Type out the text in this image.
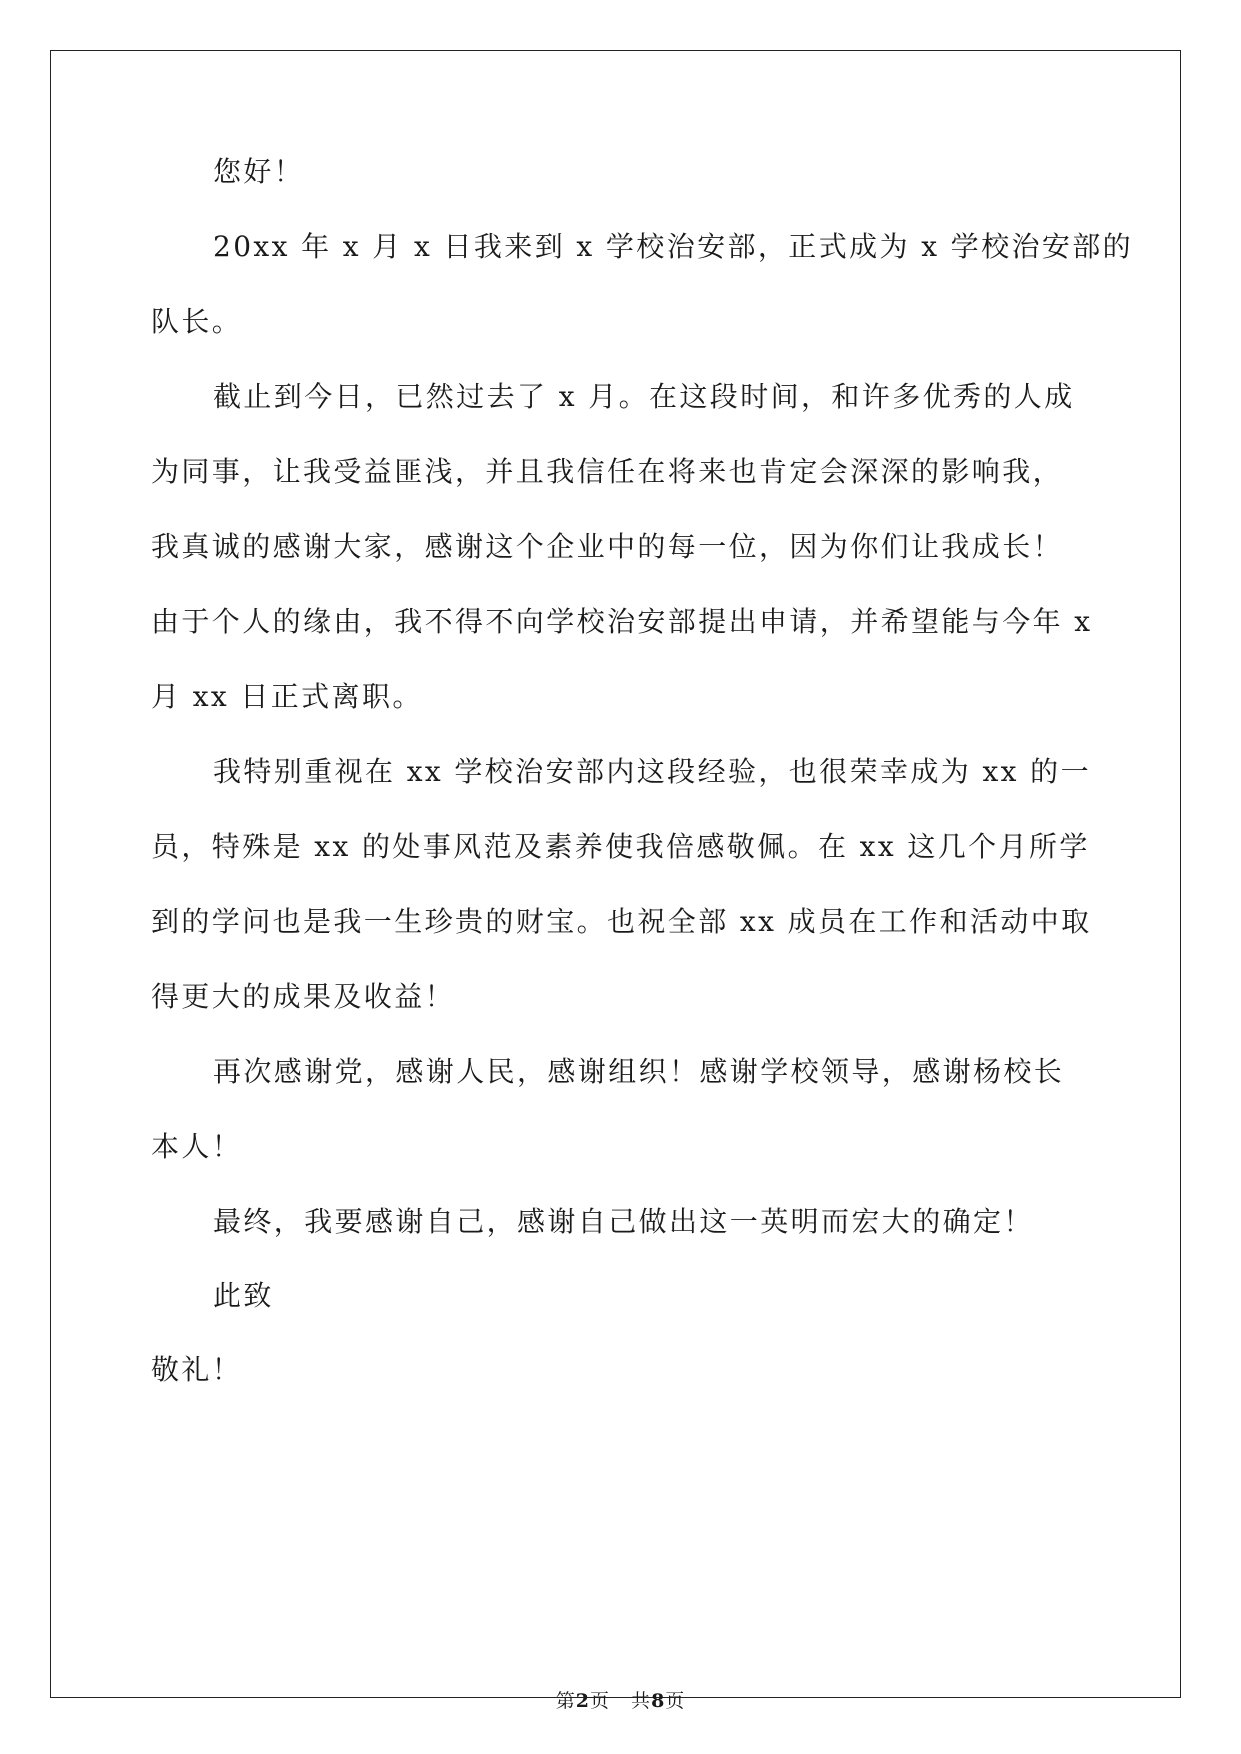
您好！
20xx 年 x 月 x 日我来到 x 学校治安部，正式成为 x 学校治安部的
队长。
截止到今日，已然过去了 x 月。在这段时间，和许多优秀的人成
为同事，让我受益匪浅，并且我信任在将来也肯定会深深的影响我，
我真诚的感谢大家，感谢这个企业中的每一位，因为你们让我成长！
由于个人的缘由，我不得不向学校治安部提出申请，并希望能与今年 x
月 xx 日正式离职。
我特别重视在 xx 学校治安部内这段经验，也很荣幸成为 xx 的一
员，特殊是 xx 的处事风范及素养使我倍感敬佩。在 xx 这几个月所学
到的学问也是我一生珍贵的财宝。也祝全部 xx 成员在工作和活动中取
得更大的成果及收益！
再次感谢党，感谢人民，感谢组织！感谢学校领导，感谢杨校长
本人！
最终，我要感谢自己，感谢自己做出这一英明而宏大的确定！
此致
敬礼！
第2页   共8页
